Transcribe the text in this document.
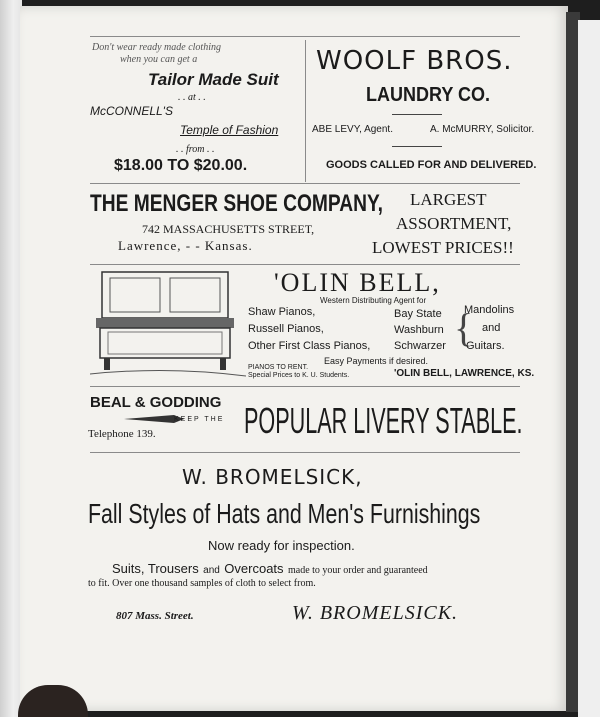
Don't wear ready made clothing
when you can get a
Tailor Made Suit
. . at . .
McCONNELL'S
Temple of Fashion
. . from . .
$18.00 TO $20.00.
WOOLF BROS.
LAUNDRY CO.
ABE LEVY, Agent.	A. McMURRY, Solicitor.
GOODS CALLED FOR AND DELIVERED.
THE MENGER SHOE COMPANY,
742 MASSACHUSETTS STREET,
Lawrence, - - Kansas.
LARGEST
ASSORTMENT,
LOWEST PRICES!!
'OLIN BELL,
Western Distributing Agent for
Shaw Pianos,
Russell Pianos,
Other First Class Pianos,
Bay State
Washburn
Schwarzer {
Mandolins
and
Guitars.
Easy Payments if desired.
PIANOS TO RENT.
Special Prices to K. U. Students.	'OLIN BELL, LAWRENCE, KS.
BEAL & GODDING
KEEP THE
Telephone 139. POPULAR LIVERY STABLE.
W. BROMELSICK,
Fall Styles of Hats and Men's Furnishings
Now ready for inspection.
Suits, Trousers and Overcoats made to your order and guaranteed
to fit. Over one thousand samples of cloth to select from.
807 Mass. Street.	W. BROMELSICK.
